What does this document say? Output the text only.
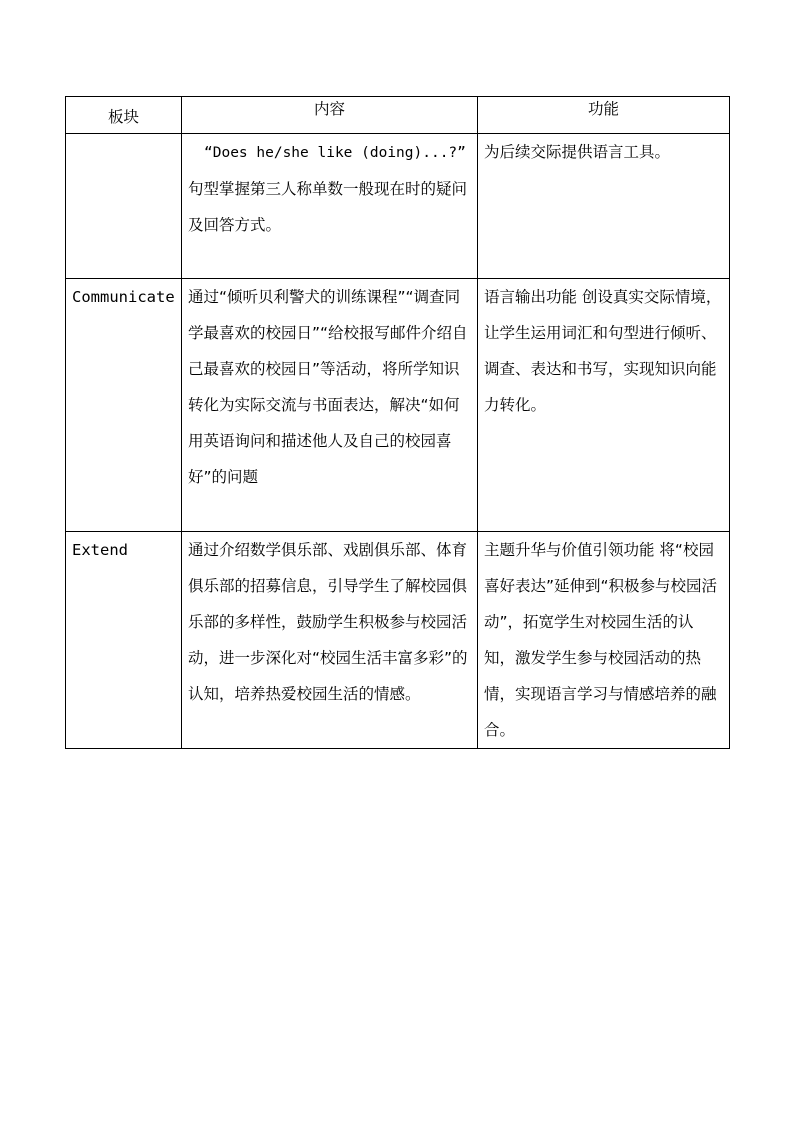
板块	内容	功能
	“Does he/she like (doing)...?” 句型掌握第三人称单数一般现在时的疑问及回答方式。	为后续交际提供语言工具。
Communicate	通过“倾听贝利警犬的训练课程”“调查同学最喜欢的校园日”“给校报写邮件介绍自己最喜欢的校园日”等活动，将所学知识转化为实际交流与书面表达，解决“如何用英语询问和描述他人及自己的校园喜好”的问题	语言输出功能 创设真实交际情境，让学生运用词汇和句型进行倾听、调查、表达和书写，实现知识向能力转化。
Extend	通过介绍数学俱乐部、戏剧俱乐部、体育俱乐部的招募信息，引导学生了解校园俱乐部的多样性，鼓励学生积极参与校园活动，进一步深化对“校园生活丰富多彩”的认知，培养热爱校园生活的情感。	主题升华与价值引领功能 将“校园喜好表达”延伸到“积极参与校园活动”，拓宽学生对校园生活的认知，激发学生参与校园活动的热情，实现语言学习与情感培养的融合。
